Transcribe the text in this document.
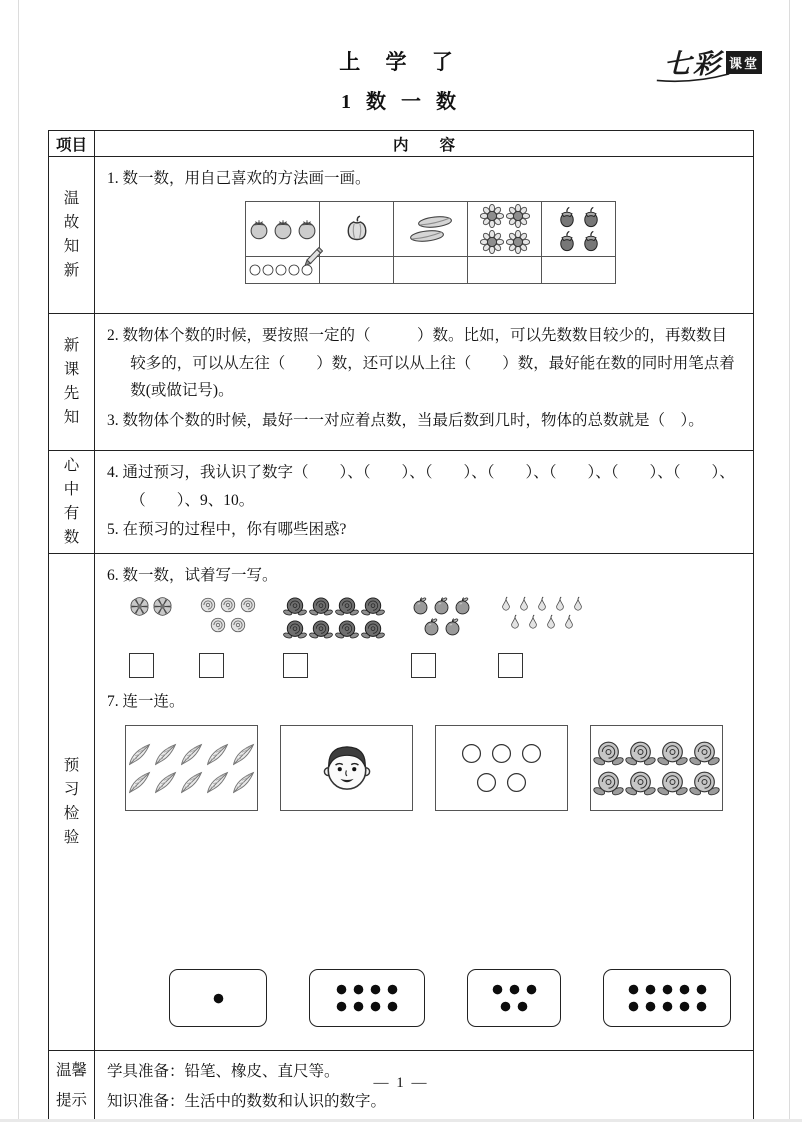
七彩 课堂
上 学 了
1 数 一 数
项目	内　　容

温故知新

1. 数一数，用自己喜欢的方法画一画。

新课先知

2. 数物体个数的时候，要按照一定的（　　　）数。比如，可以先数数目较少的，再数数目较多的，可以从左往（　　）数，还可以从上往（　　）数，最好能在数的同时用笔点着数(或做记号)。

3. 数物体个数的时候，最好一一对应着点数，当最后数到几时，物体的总数就是（　）。

心中有数

4. 通过预习，我认识了数字（　　）、（　　）、（　　）、（　　）、（　　）、（　　）、（　　）、（　　）、9、10。

5. 在预习的过程中，你有哪些困惑?

预习检验

6. 数一数，试着写一写。

7. 连一连。

温馨提示

学具准备：铅笔、橡皮、直尺等。

知识准备：生活中的数数和认识的数字。

— 1 —
